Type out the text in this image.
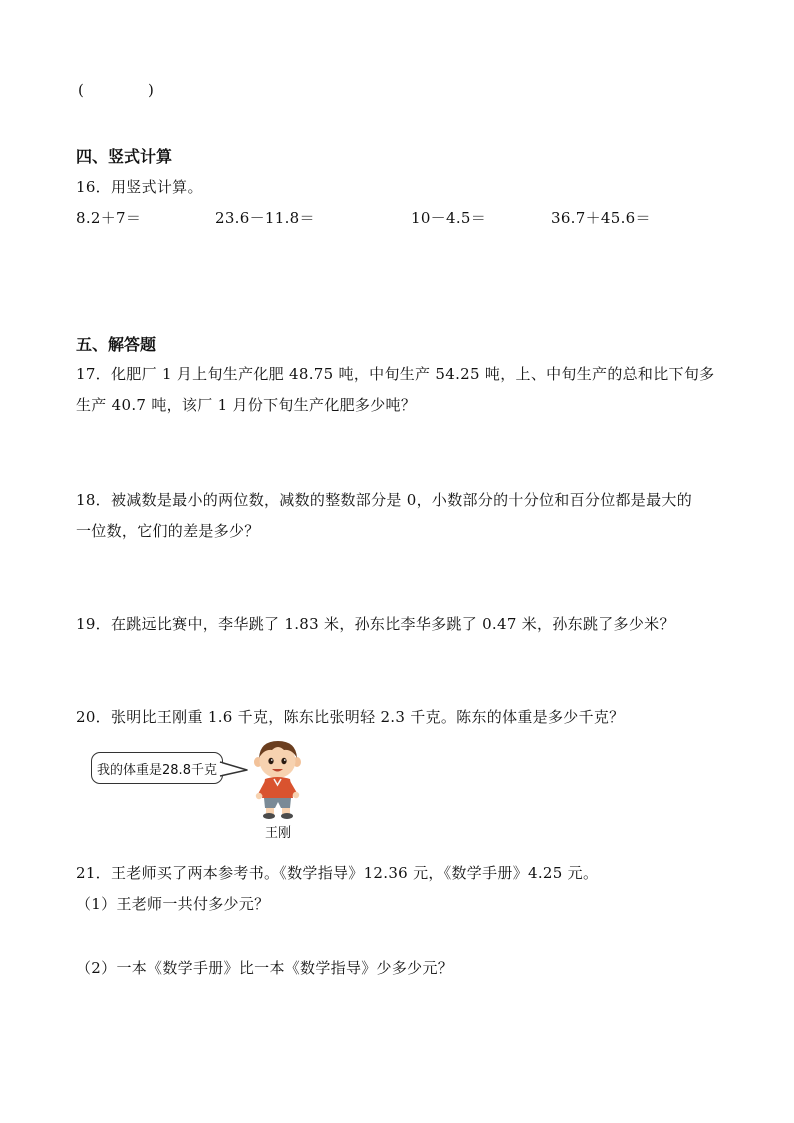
(	)
四、竖式计算
16．用竖式计算。
8.2＋7＝	23.6－11.8＝	10－4.5＝	36.7＋45.6＝
五、解答题
17．化肥厂 1 月上旬生产化肥 48.75 吨，中旬生产 54.25 吨，上、中旬生产的总和比下旬多
生产 40.7 吨，该厂 1 月份下旬生产化肥多少吨？
18．被减数是最小的两位数，减数的整数部分是 0，小数部分的十分位和百分位都是最大的
一位数，它们的差是多少？
19．在跳远比赛中，李华跳了 1.83 米，孙东比李华多跳了 0.47 米，孙东跳了多少米？
20．张明比王刚重 1.6 千克，陈东比张明轻 2.3 千克。陈东的体重是多少千克？
我的体重是28.8千克
王刚
21．王老师买了两本参考书。《数学指导》12.36 元，《数学手册》4.25 元。
（1）王老师一共付多少元？
（2）一本《数学手册》比一本《数学指导》少多少元？
